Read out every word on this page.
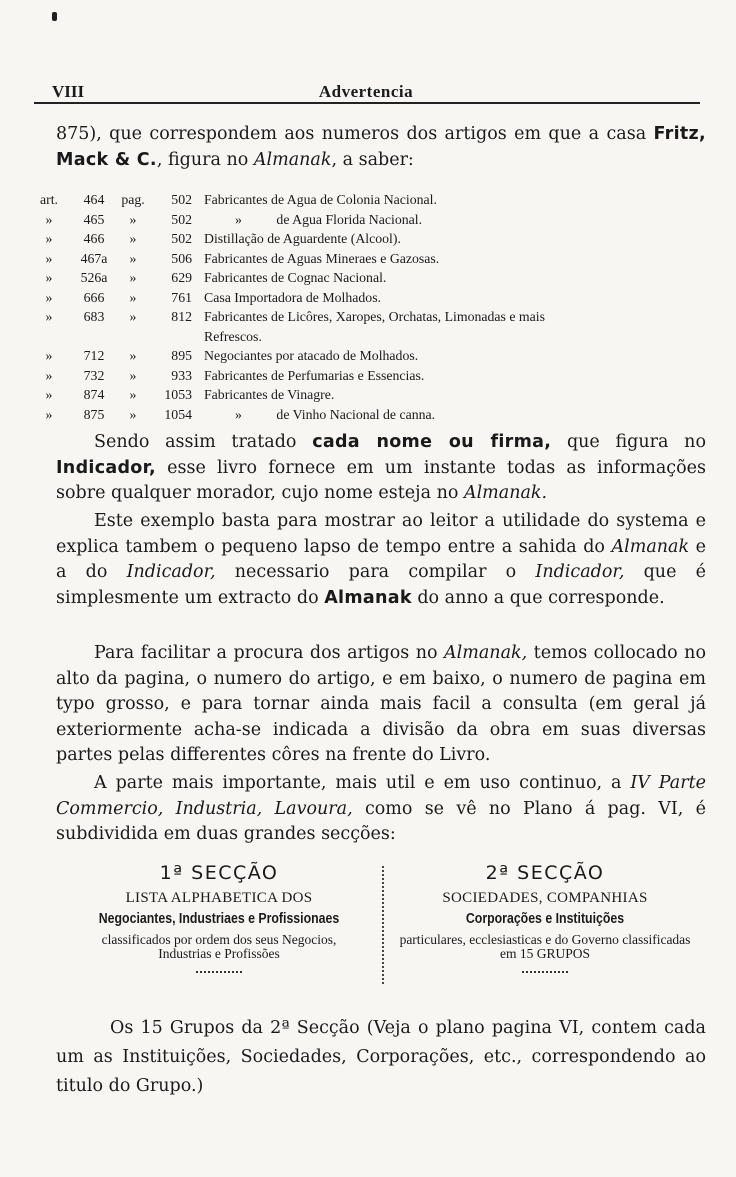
VIII	Advertencia
875), que correspondem aos numeros dos artigos em que a casa Fritz, Mack & C., figura no Almanak, a saber:
art.	464	pag.	502 Fabricantes de Agua de Colonia Nacional.
»	465	»	502 »          de Agua Florida Nacional.
»	466	»	502 Distillação de Aguardente (Alcool).
»	467a	»	506 Fabricantes de Aguas Mineraes e Gazosas.
»	526a	»	629 Fabricantes de Cognac Nacional.
»	666	»	761 Casa Importadora de Molhados.
»	683	»	812 Fabricantes de Licôres, Xaropes, Orchatas, Limonadas e mais
Refrescos.
»	712	»	895 Negociantes por atacado de Molhados.
»	732	»	933 Fabricantes de Perfumarias e Essencias.
»	874	»	1053 Fabricantes de Vinagre.
»	875	»	1054 »          de Vinho Nacional de canna.
Sendo assim tratado cada nome ou firma, que figura no Indicador, esse livro fornece em um instante todas as informações sobre qualquer morador, cujo nome esteja no Almanak.
Este exemplo basta para mostrar ao leitor a utilidade do systema e explica tambem o pequeno lapso de tempo entre a sahida do Almanak e a do Indicador, necessario para compilar o Indicador, que é simplesmente um extracto do Almanak do anno a que corresponde.
Para facilitar a procura dos artigos no Almanak, temos collocado no alto da pagina, o numero do artigo, e em baixo, o numero de pagina em typo grosso, e para tornar ainda mais facil a consulta (em geral já exteriormente acha-se indicada a divisão da obra em suas diversas partes pelas differentes côres na frente do Livro.
A parte mais importante, mais util e em uso continuo, a IV Parte Commercio, Industria, Lavoura, como se vê no Plano á pag. VI, é subdividida em duas grandes secções:
1ª SECÇÃO
LISTA ALPHABETICA DOS
Negociantes, Industriaes e Profissionaes
classificados por ordem dos seus Negocios, Industrias e Profissões
2ª SECÇÃO
SOCIEDADES, COMPANHIAS
Corporações e Instituições
particulares, ecclesiasticas e do Governo classificadas em 15 GRUPOS
Os 15 Grupos da 2ª Secção (Veja o plano pagina VI, contem cada um as Instituições, Sociedades, Corporações, etc., correspondendo ao titulo do Grupo.)
